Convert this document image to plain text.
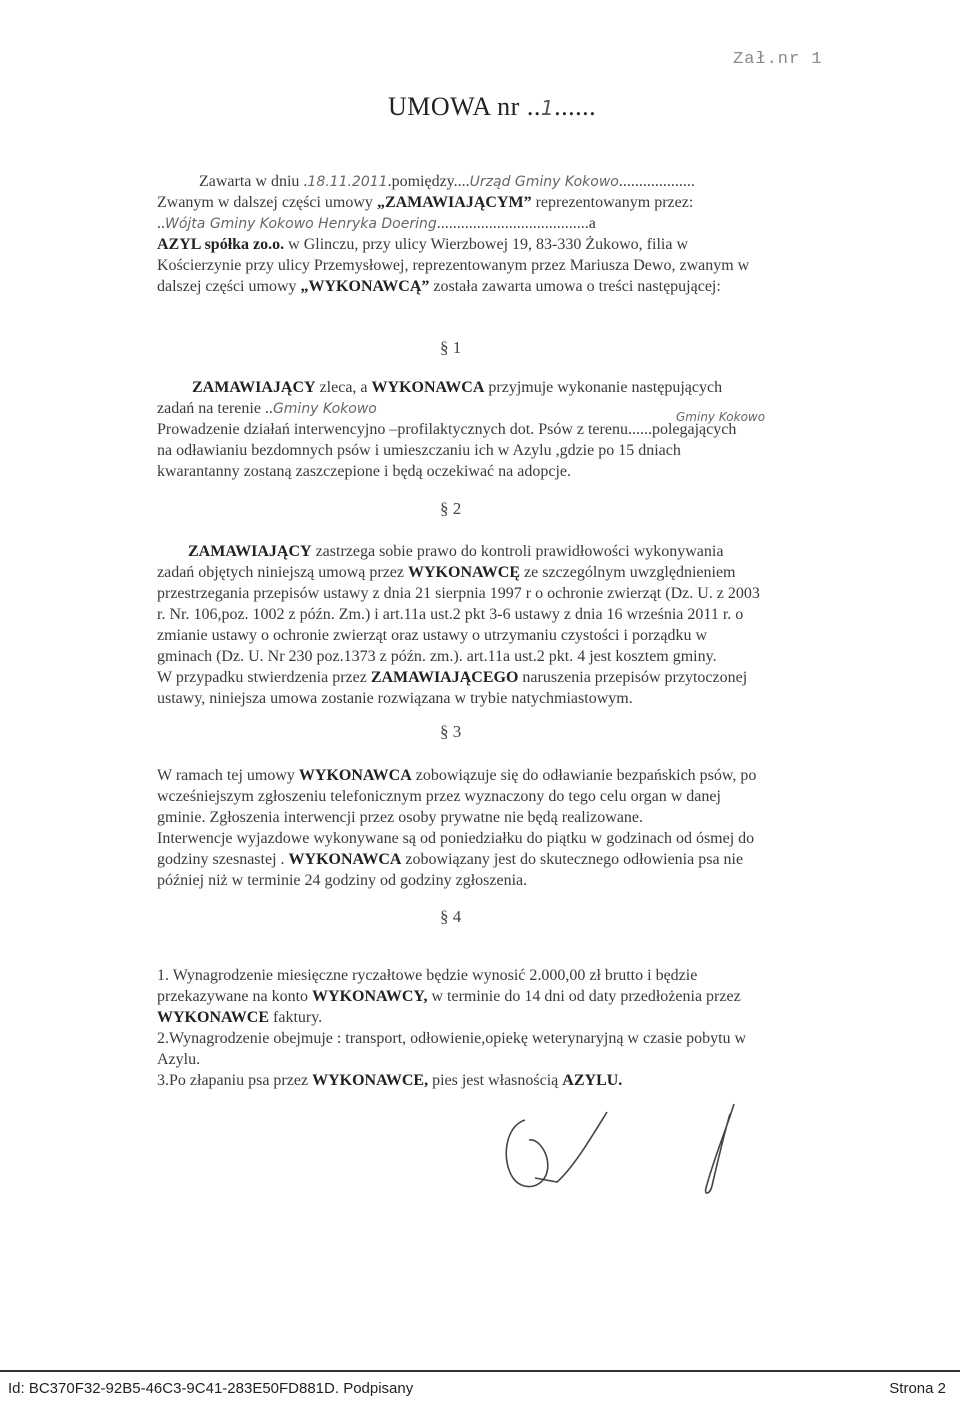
Zał.nr 1
UMOWA nr ..1......
Zawarta w dniu .18.11.2011.pomiędzy....Urząd Gminy Kokowo...................
Zwanym w dalszej części umowy „ZAMAWIAJĄCYM” reprezentowanym przez:
..Wójta Gminy Kokowo Henryka Doering......................................a
AZYL spółka zo.o. w Glinczu, przy ulicy Wierzbowej 19, 83-330 Żukowo, filia w
Kościerzynie przy ulicy Przemysłowej, reprezentowanym przez Mariusza Dewo, zwanym w
dalszej części umowy „WYKONAWCĄ” została zawarta umowa o treści następującej:
§ 1
ZAMAWIAJĄCY zleca, a WYKONAWCA przyjmuje wykonanie następujących
zadań na terenie ..Gminy Kokowo	Gminy Kokowo
Prowadzenie działań interwencyjno –profilaktycznych dot. Psów z terenu......polegających
na odławianiu bezdomnych psów i umieszczaniu ich w Azylu ,gdzie po 15 dniach
kwarantanny zostaną zaszczepione i będą oczekiwać na adopcje.
§ 2
ZAMAWIAJĄCY zastrzega sobie prawo do kontroli prawidłowości wykonywania
zadań objętych niniejszą umową przez WYKONAWCĘ ze szczególnym uwzględnieniem
przestrzegania przepisów ustawy z dnia 21 sierpnia 1997 r o ochronie zwierząt (Dz. U. z 2003
r. Nr. 106,poz. 1002 z późn. Zm.) i art.11a ust.2 pkt 3-6 ustawy z dnia 16 września 2011 r. o
zmianie ustawy o ochronie zwierząt oraz ustawy o utrzymaniu czystości i porządku w
gminach (Dz. U. Nr 230 poz.1373 z późn. zm.). art.11a ust.2 pkt. 4 jest kosztem gminy.
W przypadku stwierdzenia przez ZAMAWIAJĄCEGO naruszenia przepisów przytoczonej
ustawy, niniejsza umowa zostanie rozwiązana w trybie natychmiastowym.
§ 3
W ramach tej umowy WYKONAWCA zobowiązuje się do odławianie bezpańskich psów, po
wcześniejszym zgłoszeniu telefonicznym przez wyznaczony do tego celu organ w danej
gminie. Zgłoszenia interwencji przez osoby prywatne nie będą realizowane.
Interwencje wyjazdowe wykonywane są od poniedziałku do piątku w godzinach od ósmej do
godziny szesnastej . WYKONAWCA zobowiązany jest do skutecznego odłowienia psa nie
później niż w terminie 24 godziny od godziny zgłoszenia.
§ 4
1. Wynagrodzenie miesięczne ryczałtowe będzie wynosić 2.000,00 zł brutto i będzie
przekazywane na konto WYKONAWCY, w terminie do 14 dni od daty przedłożenia przez
WYKONAWCE faktury.
2.Wynagrodzenie obejmuje : transport, odłowienie,opiekę weterynaryjną w czasie pobytu w
Azylu.
3.Po złapaniu psa przez WYKONAWCE, pies jest własnością AZYLU.
Id: BC370F32-92B5-46C3-9C41-283E50FD881D. Podpisany	Strona 2
